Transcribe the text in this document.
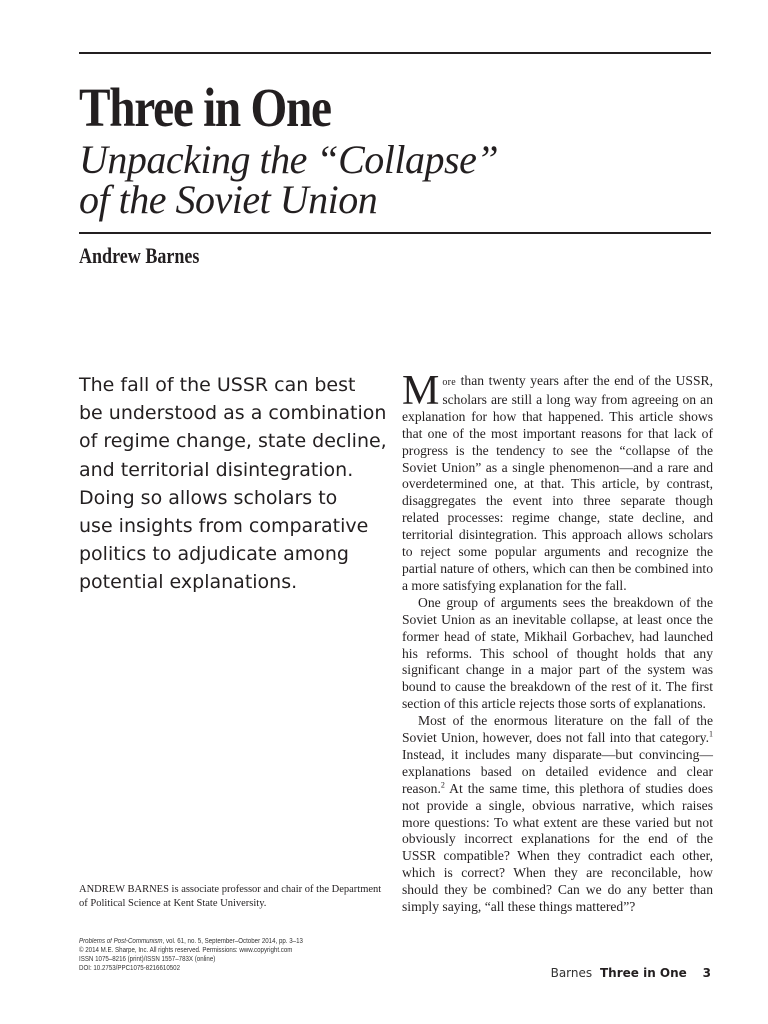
Three in One
Unpacking the “Collapse”
of the Soviet Union
Andrew Barnes
The fall of the USSR can best
be understood as a combination
of regime change, state decline,
and territorial disintegration.
Doing so allows scholars to
use insights from comparative
politics to adjudicate among
potential explanations.

More than twenty years after the end of the USSR, scholars are still a long way from agreeing on an explanation for how that happened. This article shows that one of the most important reasons for that lack of progress is the tendency to see the “collapse of the Soviet Union” as a single phenomenon—and a rare and overdetermined one, at that. This article, by contrast, disaggregates the event into three separate though related processes: regime change, state decline, and territorial disintegration. This approach allows scholars to reject some popular arguments and recognize the partial nature of others, which can then be combined into a more satisfying explanation for the fall.

One group of arguments sees the breakdown of the Soviet Union as an inevitable collapse, at least once the former head of state, Mikhail Gorbachev, had launched his reforms. This school of thought holds that any significant change in a major part of the system was bound to cause the breakdown of the rest of it. The first section of this article rejects those sorts of explanations.

Most of the enormous literature on the fall of the Soviet Union, however, does not fall into that category.$^1$ Instead, it includes many disparate—but convincing—explanations based on detailed evidence and clear reason.$^2$ At the same time, this plethora of studies does not provide a single, obvious narrative, which raises more questions: To what extent are these varied but not obviously incorrect explanations for the end of the USSR compatible? When they contradict each other, which is correct? When they are reconcilable, how should they be combined? Can we do any better than simply saying, “all these things mattered”?

ANDREW BARNES is associate professor and chair of the Department of Political Science at Kent State University.
Problems of Post-Communism, vol. 61, no. 5, September–October 2014, pp. 3–13
© 2014 M.E. Sharpe, Inc. All rights reserved. Permissions: www.copyright.com
ISSN 1075–8216 (print)/ISSN 1557–783X (online)
DOI: 10.2753/PPC1075-8216610502	Barnes Three in One 3
